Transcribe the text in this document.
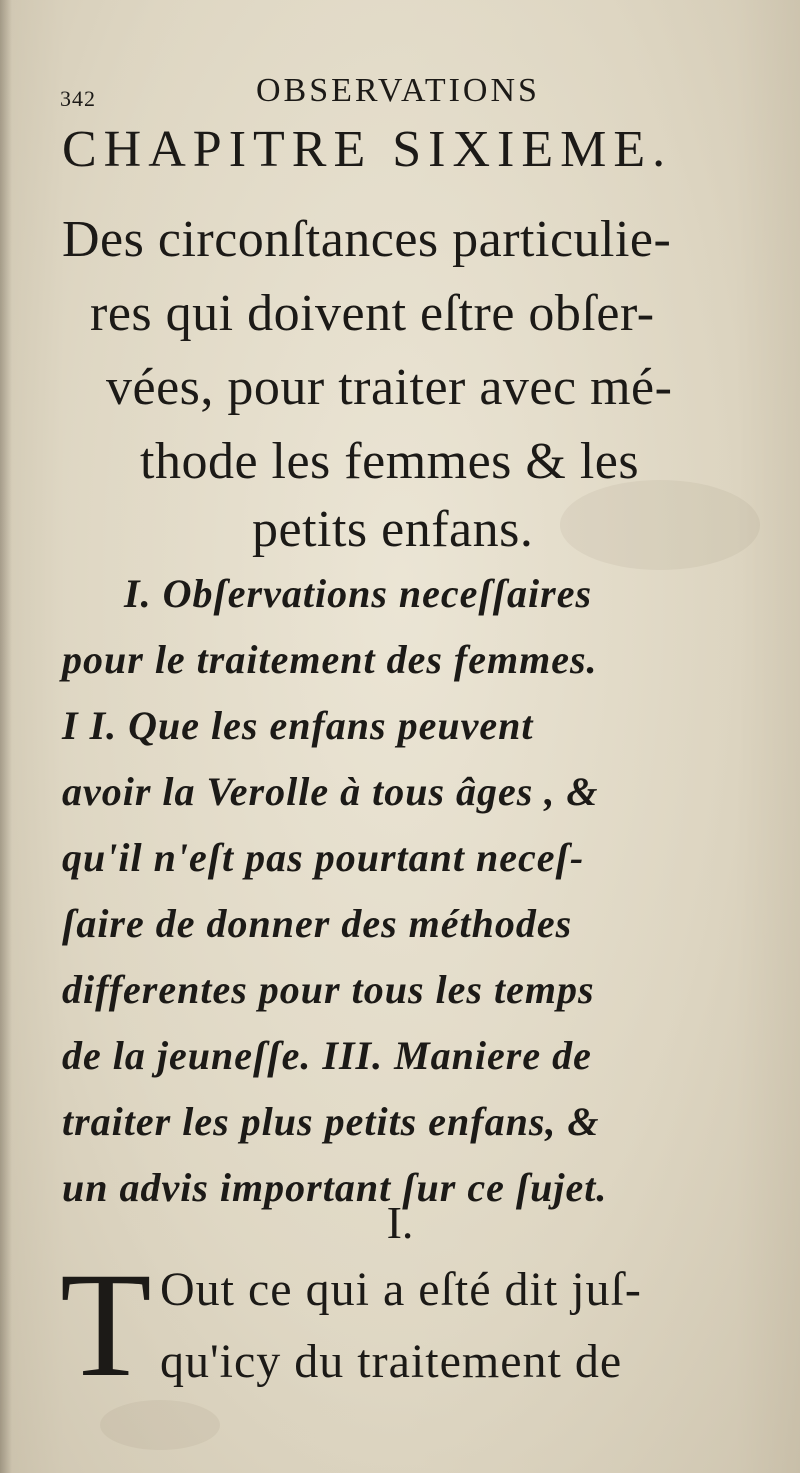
342	OBSERVATIONS
CHAPITRE SIXIEME.
Des circonſtances particulie-
res qui doivent eſtre obſer-
vées, pour traiter avec mé-
thode les femmes & les
petits enfans.
I. Obſervations neceſſaires
pour le traitement des femmes.
I I. Que les enfans peuvent
avoir la Verolle à tous âges , &
qu'il n'eſt pas pourtant neceſ-
ſaire de donner des méthodes
differentes pour tous les temps
de la jeuneſſe. III. Maniere de
traiter les plus petits enfans, &
un advis important ſur ce ſujet.
I.
T Out ce qui a eſté dit juſ-
qu'icy du traitement de
